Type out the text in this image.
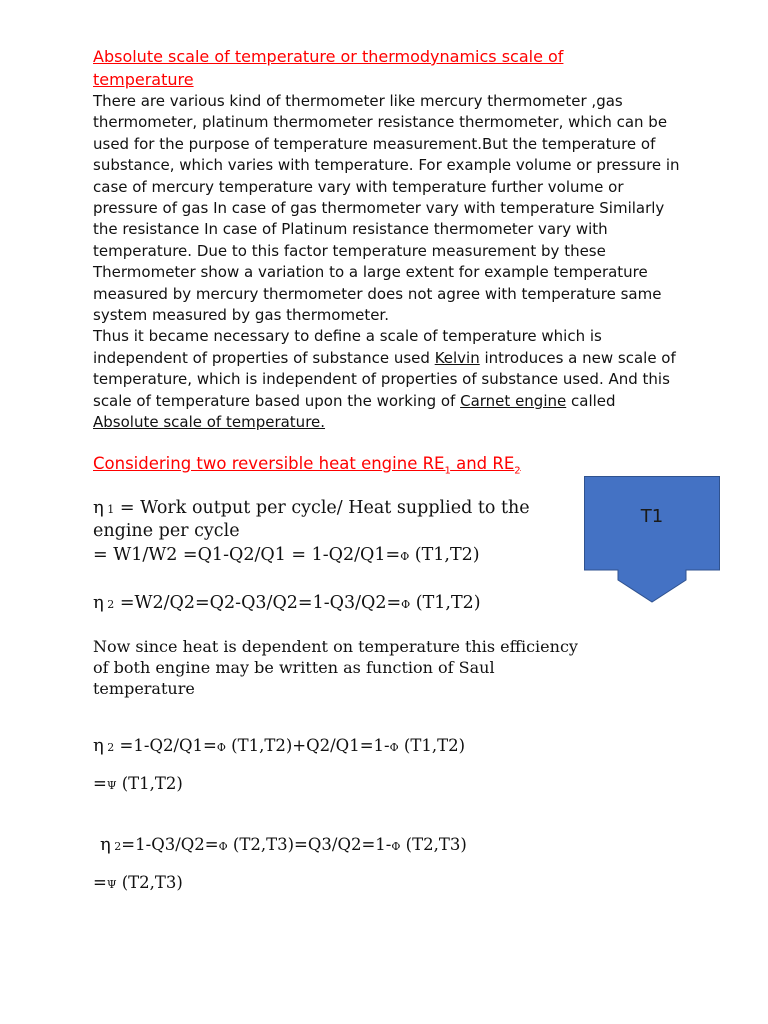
Absolute scale of temperature or thermodynamics scale of temperature
There are various kind of thermometer like mercury thermometer ,gas thermometer, platinum thermometer resistance thermometer, which can be used for the purpose of temperature measurement.But the temperature of substance, which varies with temperature. For example volume or pressure in case of mercury temperature vary with temperature further volume or pressure of gas In case of gas thermometer vary with temperature Similarly the resistance In case of Platinum resistance thermometer vary with temperature. Due to this factor temperature measurement by these Thermometer show a variation to a large extent for example temperature measured by mercury thermometer does not agree with temperature same system measured by gas thermometer.
Thus it became necessary to define a scale of temperature which is independent of properties of substance used Kelvin introduces a new scale of temperature, which is independent of properties of substance used. And this scale of temperature based upon the working of Carnet engine called Absolute scale of temperature.
Considering two reversible heat engine $RE_1$ and $RE_2$
η 1 = Work output per cycle/ Heat supplied to the
engine per cycle
= W1/W2 =Q1-Q2/Q1 = 1-Q2/Q1=Φ (T1,T2)
η 2 =W2/Q2=Q2-Q3/Q2=1-Q3/Q2=Φ (T1,T2)
Now since heat is dependent on temperature this efficiency
of both engine may be written as function of Saul
temperature
η 2 =1-Q2/Q1=Φ (T1,T2)+Q2/Q1=1-Φ (T1,T2)
=Ψ (T1,T2)
η 2=1-Q3/Q2=Φ (T2,T3)=Q3/Q2=1-Φ (T2,T3)
=Ψ (T2,T3)
T1
